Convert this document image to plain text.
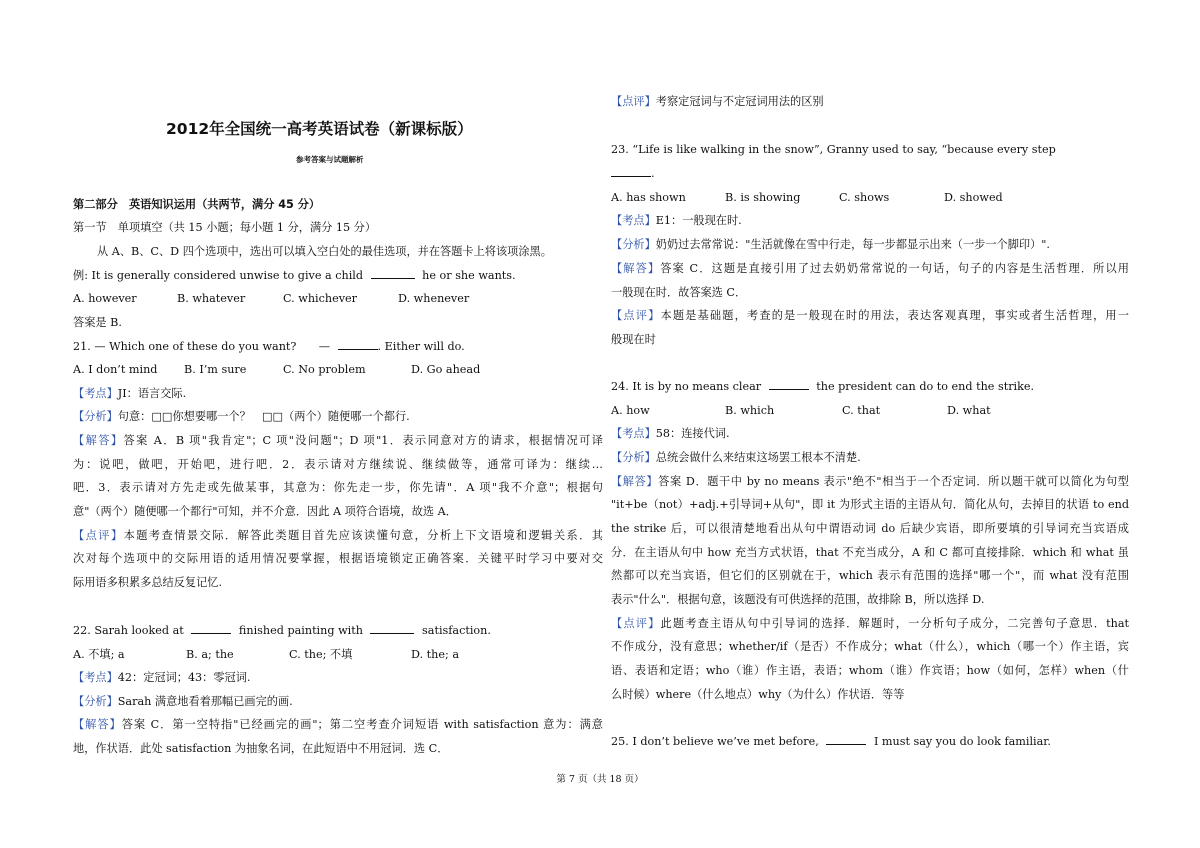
2012年全国统一高考英语试卷（新课标版）
参考答案与试题解析
第二部分　英语知识运用（共两节，满分 45 分）
第一节　单项填空（共 15 小题；每小题 1 分，满分 15 分）
从 A、B、C、D 四个选项中，选出可以填入空白处的最佳选项，并在答题卡上将该项涂黑。
例: It is generally considered unwise to give a child	he or she wants.
A. however	B. whatever	C. whichever	D. whenever
答案是 B.
21. — Which one of these do you want?　　—	. Either will do.
A. I don’t mind B. I’m sure	C. No problem	D. Go ahead
【考点】JI：语言交际.
【分析】句意：□□你想要哪一个？　□□（两个）随便哪一个都行.
【解答】答案 A．B 项"我肯定"；C 项"没问题"；D 项"1．表示同意对方的请求，根据情况可译
为：说吧，做吧，开始吧，进行吧．2．表示请对方继续说、继续做等，通常可译为：继续…
吧．3．表示请对方先走或先做某事，其意为：你先走一步，你先请"．A 项"我不介意"；根据句
意"（两个）随便哪一个都行"可知，并不介意．因此 A 项符合语境，故选 A．
【点评】本题考查情景交际．解答此类题目首先应该读懂句意，分析上下文语境和逻辑关系．其
次对每个选项中的交际用语的适用情况要掌握，根据语境锁定正确答案．关键平时学习中要对交
际用语多积累多总结反复记忆.
22. Sarah looked at	finished painting with	satisfaction.
A. 不填; a	B. a; the	C. the; 不填	D. the; a
【考点】42：定冠词；43：零冠词.
【分析】Sarah 满意地看着那幅已画完的画.
【解答】答案 C．第一空特指"已经画完的画"；第二空考查介词短语 with satisfaction 意为：满意
地，作状语．此处 satisfaction 为抽象名词，在此短语中不用冠词．选 C．
【点评】考察定冠词与不定冠词用法的区别
23. “Life is like walking in the snow”, Granny used to say, “because every step
.
A. has shown	B. is showing	C. shows	D. showed
【考点】E1：一般现在时.
【分析】奶奶过去常常说："生活就像在雪中行走，每一步都显示出来（一步一个脚印）".
【解答】答案 C．这题是直接引用了过去奶奶常常说的一句话，句子的内容是生活哲理．所以用
一般现在时．故答案选 C．
【点评】本题是基础题，考查的是一般现在时的用法，表达客观真理，事实或者生活哲理，用一
般现在时
24. It is by no means clear	the president can do to end the strike.
A. how	B. which	C. that	D. what
【考点】58：连接代词.
【分析】总统会做什么来结束这场罢工根本不清楚.
【解答】答案 D．题干中 by no means 表示"绝不"相当于一个否定词．所以题干就可以简化为句型
"it+be（not）+adj.+引导词+从句"，即 it 为形式主语的主语从句．简化从句，去掉目的状语 to end
the strike 后，可以很清楚地看出从句中谓语动词 do 后缺少宾语，即所要填的引导词充当宾语成
分．在主语从句中 how 充当方式状语，that 不充当成分，A 和 C 都可直接排除．which 和 what 虽
然都可以充当宾语，但它们的区别就在于，which 表示有范围的选择"哪一个"，而 what 没有范围
表示"什么"．根据句意，该题没有可供选择的范围，故排除 B，所以选择 D.
【点评】此题考查主语从句中引导词的选择．解题时，一分析句子成分，二完善句子意思．that
不作成分，没有意思；whether/if（是否）不作成分；what（什么），which（哪一个）作主语，宾
语、表语和定语；who（谁）作主语，表语；whom（谁）作宾语；how（如何，怎样）when（什
么时候）where（什么地点）why（为什么）作状语．等等
25. I don’t believe we’ve met before,	I must say you do look familiar.
第 7 页（共 18 页）
